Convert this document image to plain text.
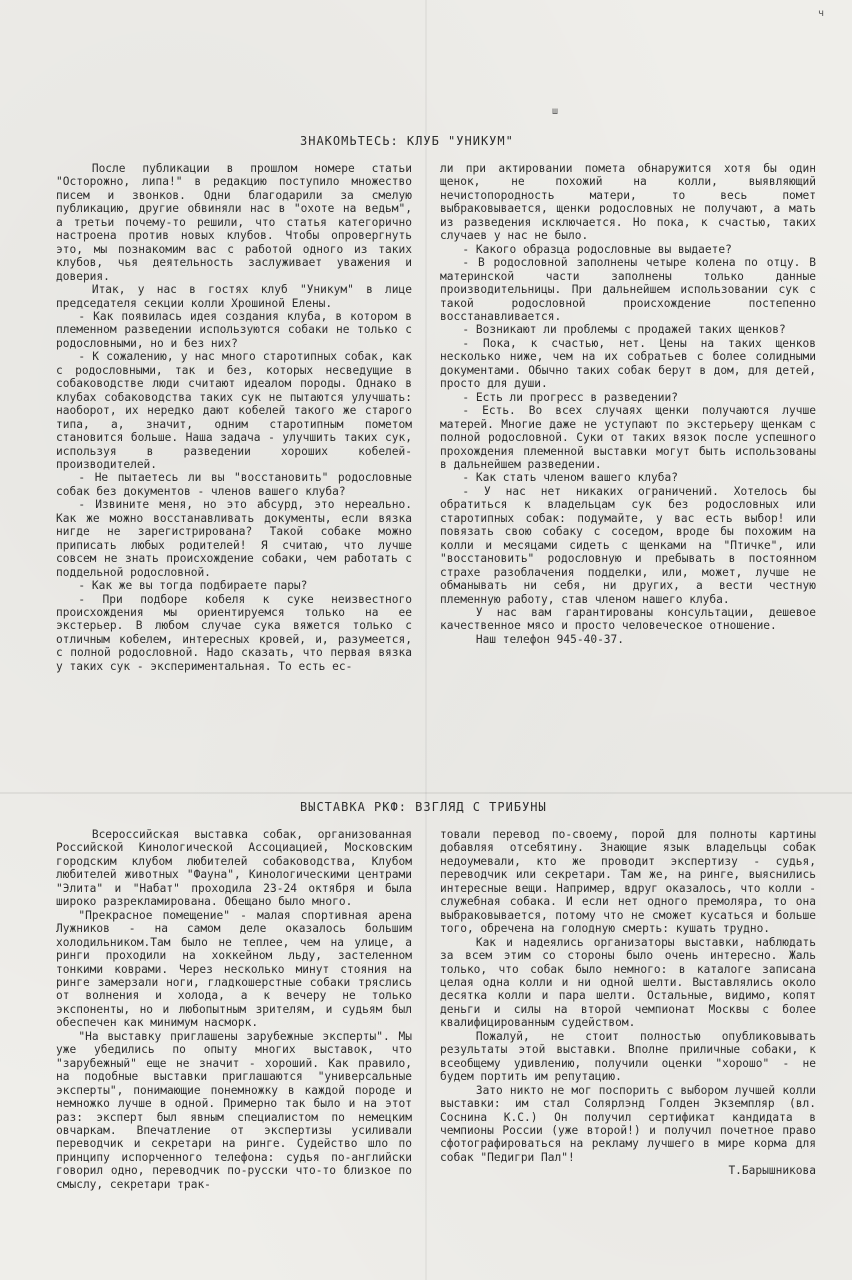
ч
ш
ЗНАКОМЬТЕСЬ: КЛУБ "УНИКУМ"

После публикации в прошлом номере статьи "Осторожно, липа!" в редакцию поступило множество писем и звонков. Одни благодарили за смелую публикацию, другие обвиняли нас в "охоте на ведьм", а третьи почему-то решили, что статья категорично настроена против новых клубов. Чтобы опровергнуть это, мы познакомим вас с работой одного из таких клубов, чья деятельность заслуживает уважения и доверия.

Итак, у нас в гостях клуб "Уникум" в лице председателя секции колли Хрошиной Елены.

- Как появилась идея создания клуба, в котором в племенном разведении используются собаки не только с родословными, но и без них?

- К сожалению, у нас много старотипных собак, как с родословными, так и без, которых несведущие в собаководстве люди считают идеалом породы. Однако в клубах собаководства таких сук не пытаются улучшать: наоборот, их нередко дают кобелей такого же старого типа, а, значит, одним старотипным пометом становится больше. Наша задача - улучшить таких сук, используя в разведении хороших кобелей-производителей.

- Не пытаетесь ли вы "восстановить" родословные собак без документов - членов вашего клуба?

- Извините меня, но это абсурд, это нереально. Как же можно восстанавливать документы, если вязка нигде не зарегистрирована? Такой собаке можно приписать любых родителей! Я считаю, что лучше совсем не знать происхождение собаки, чем работать с поддельной родословной.

- Как же вы тогда подбираете пары?

- При подборе кобеля к суке неизвестного происхождения мы ориентируемся только на ее экстерьер. В любом случае сука вяжется только с отличным кобелем, интересных кровей, и, разумеется, с полной родословной. Надо сказать, что первая вязка у таких сук - экспериментальная. То есть ес-

ли при актировании помета обнаружится хотя бы один щенок, не похожий на колли, выявляющий нечистопородность матери, то весь помет выбраковывается, щенки родословных не получают, а мать из разведения исключается. Но пока, к счастью, таких случаев у нас не было.

- Какого образца родословные вы выдаете?

- В родословной заполнены четыре колена по отцу. В материнской части заполнены только данные производительницы. При дальнейшем использовании сук с такой родословной происхождение постепенно восстанавливается.

- Возникают ли проблемы с продажей таких щенков?

- Пока, к счастью, нет. Цены на таких щенков несколько ниже, чем на их собратьев с более солидными документами. Обычно таких собак берут в дом, для детей, просто для души.

- Есть ли прогресс в разведении?

- Есть. Во всех случаях щенки получаются лучше матерей. Многие даже не уступают по экстерьеру щенкам с полной родословной. Суки от таких вязок после успешного прохождения племенной выставки могут быть использованы в дальнейшем разведении.

- Как стать членом вашего клуба?

- У нас нет никаких ограничений. Хотелось бы обратиться к владельцам сук без родословных или старотипных собак: подумайте, у вас есть выбор! или повязать свою собаку с соседом, вроде бы похожим на колли и месяцами сидеть с щенками на "Птичке", или "восстановить" родословную и пребывать в постоянном страхе разоблачения подделки, или, может, лучше не обманывать ни себя, ни других, а вести честную племенную работу, став членом нашего клуба.

У нас вам гарантированы консультации, дешевое качественное мясо и просто человеческое отношение.

Наш телефон 945-40-37.

ВЫСТАВКА РКФ: ВЗГЛЯД С ТРИБУНЫ

Всероссийская выставка собак, организованная Российской Кинологической Ассоциацией, Московским городским клубом любителей собаководства, Клубом любителей животных "Фауна", Кинологическими центрами "Элита" и "Набат" проходила 23-24 октября и была широко разрекламирована. Обещано было много.

"Прекрасное помещение" - малая спортивная арена Лужников - на самом деле оказалось большим холодильником.Там было не теплее, чем на улице, а ринги проходили на хоккейном льду, застеленном тонкими коврами. Через несколько минут стояния на ринге замерзали ноги, гладкошерстные собаки тряслись от волнения и холода, а к вечеру не только экспоненты, но и любопытным зрителям, и судьям был обеспечен как минимум насморк.

"На выставку приглашены зарубежные эксперты". Мы уже убедились по опыту многих выставок, что "зарубежный" еще не значит - хороший. Как правило, на подобные выставки приглашаются "универсальные эксперты", понимающие понемножку в каждой породе и немножко лучше в одной. Примерно так было и на этот раз: эксперт был явным специалистом по немецким овчаркам. Впечатление от экспертизы усиливали переводчик и секретари на ринге. Судейство шло по принципу испорченного телефона: судья по-английски говорил одно, переводчик по-русски что-то близкое по смыслу, секретари трак-

товали перевод по-своему, порой для полноты картины добавляя отсебятину. Знающие язык владельцы собак недоумевали, кто же проводит экспертизу - судья, переводчик или секретари. Там же, на ринге, выяснились интересные вещи. Например, вдруг оказалось, что колли - служебная собака. И если нет одного премоляра, то она выбраковывается, потому что не сможет кусаться и больше того, обречена на голодную смерть: кушать трудно.

Как и надеялись организаторы выставки, наблюдать за всем этим со стороны было очень интересно. Жаль только, что собак было немного: в каталоге записана целая одна колли и ни одной шелти. Выставлялись около десятка колли и пара шелти. Остальные, видимо, копят деньги и силы на второй чемпионат Москвы с более квалифицированным судейством.

Пожалуй, не стоит полностью опубликовывать результаты этой выставки. Вполне приличные собаки, к всеобщему удивлению, получили оценки "хорошо" - не будем портить им репутацию.

Зато никто не мог поспорить с выбором лучшей колли выставки: им стал Солярлэнд Голден Экземпляр (вл. Соснина К.С.) Он получил сертификат кандидата в чемпионы России (уже второй!) и получил почетное право сфотографироваться на рекламу лучшего в мире корма для собак "Педигри Пал"!

Т.Барышникова
